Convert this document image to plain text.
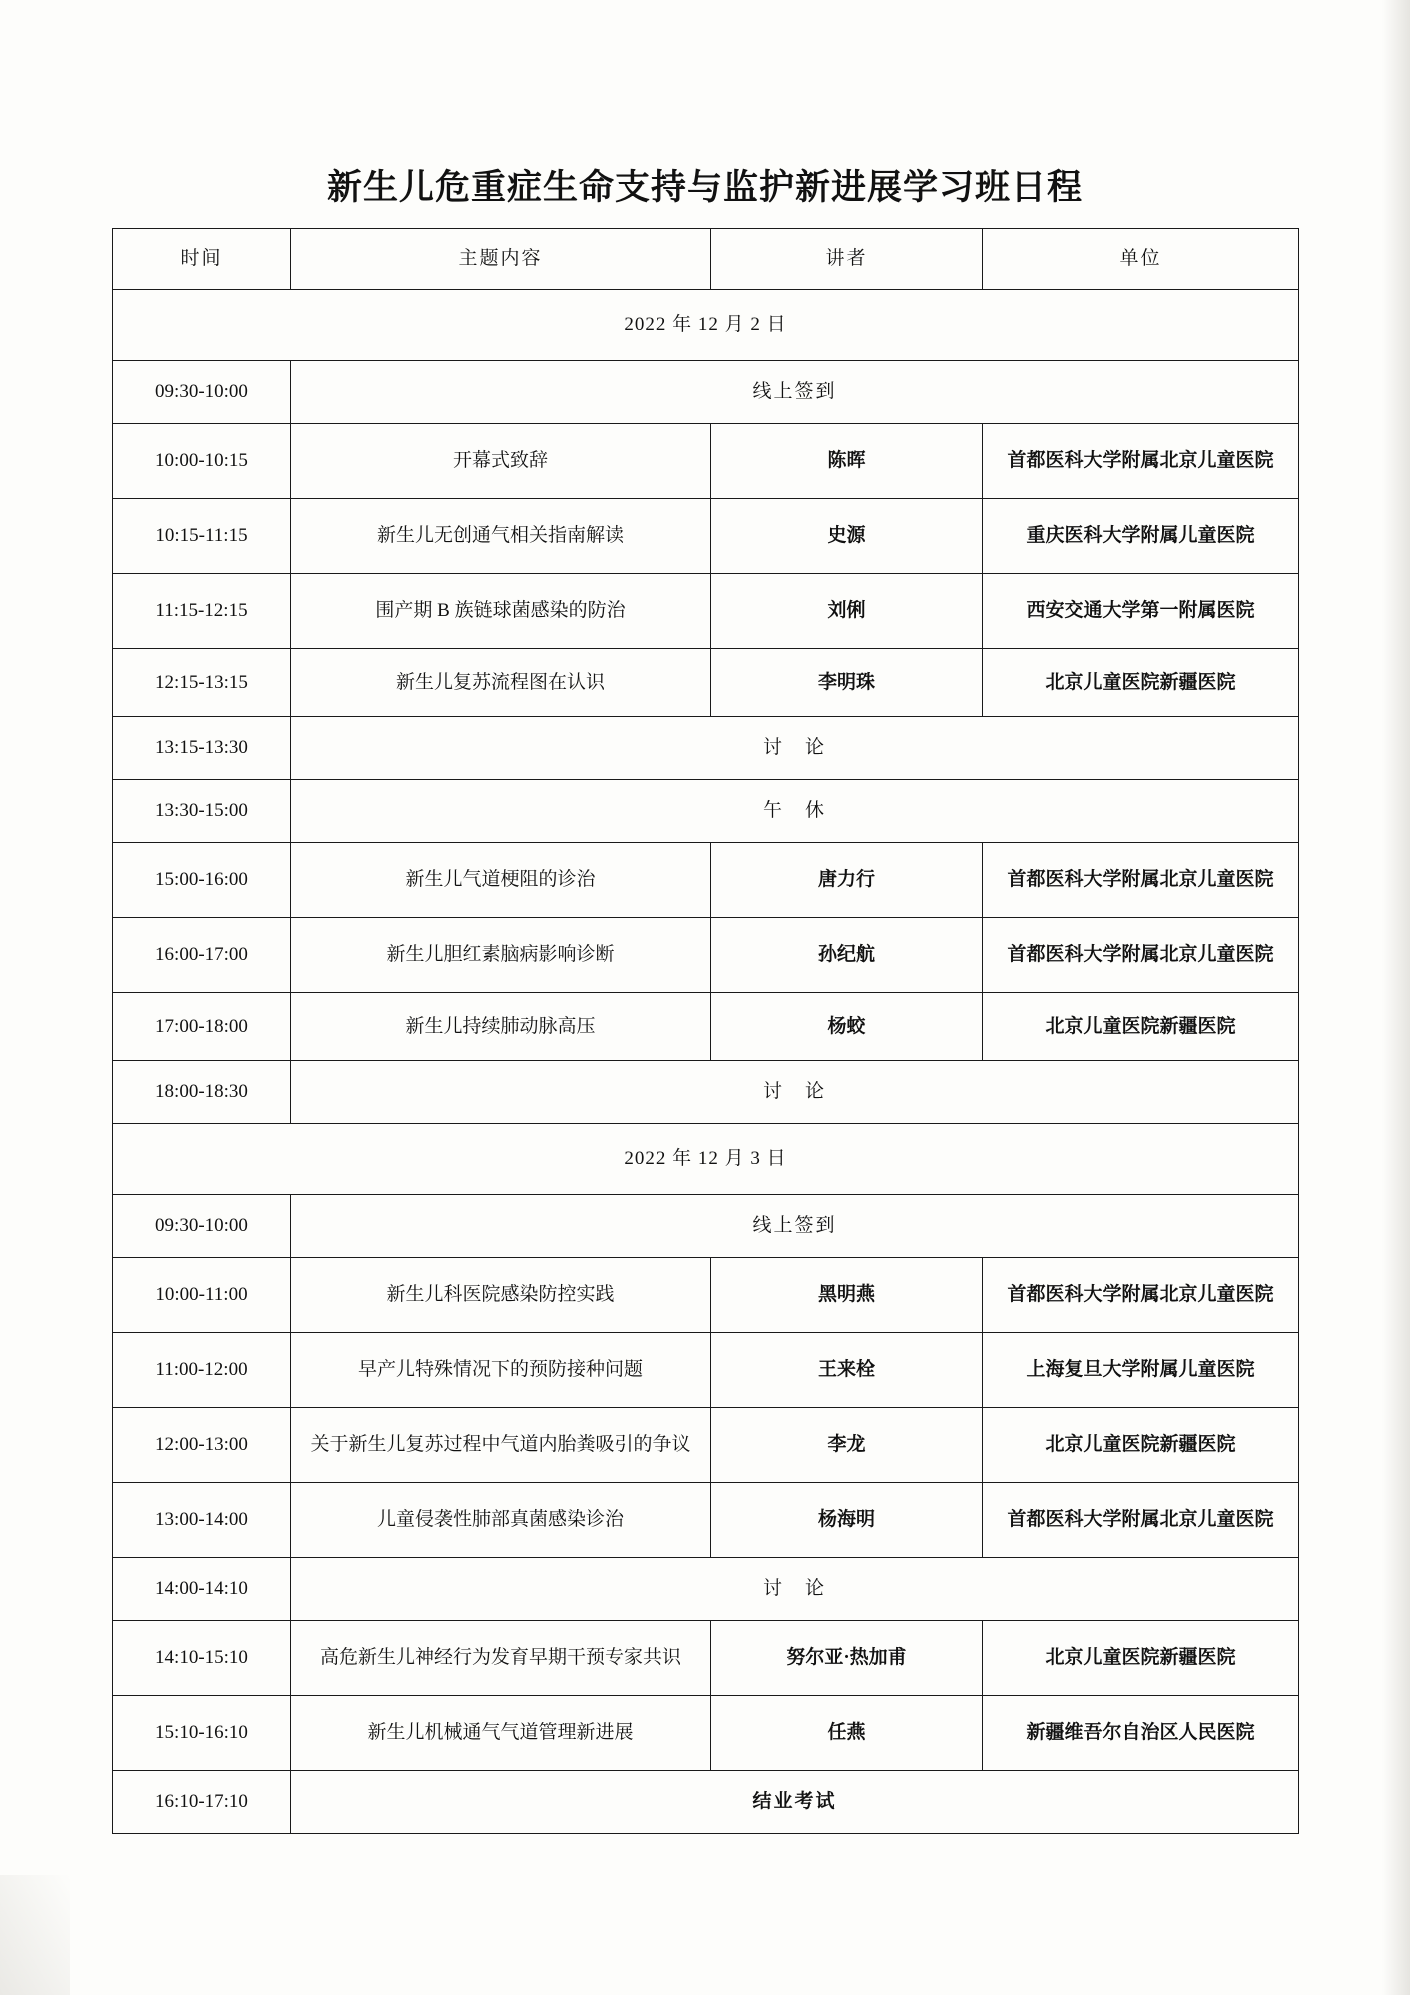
新生儿危重症生命支持与监护新进展学习班日程
时间	主题内容	讲者	单位
2022 年 12 月 2 日			
09:30-10:00	线上签到		
10:00-10:15	开幕式致辞	陈晖	首都医科大学附属北京儿童医院
10:15-11:15	新生儿无创通气相关指南解读	史源	重庆医科大学附属儿童医院
11:15-12:15	围产期 B 族链球菌感染的防治	刘俐	西安交通大学第一附属医院
12:15-13:15	新生儿复苏流程图在认识	李明珠	北京儿童医院新疆医院
13:15-13:30	讨　论		
13:30-15:00	午　休		
15:00-16:00	新生儿气道梗阻的诊治	唐力行	首都医科大学附属北京儿童医院
16:00-17:00	新生儿胆红素脑病影响诊断	孙纪航	首都医科大学附属北京儿童医院
17:00-18:00	新生儿持续肺动脉高压	杨蛟	北京儿童医院新疆医院
18:00-18:30	讨　论		
2022 年 12 月 3 日			
09:30-10:00	线上签到		
10:00-11:00	新生儿科医院感染防控实践	黑明燕	首都医科大学附属北京儿童医院
11:00-12:00	早产儿特殊情况下的预防接种问题	王来栓	上海复旦大学附属儿童医院
12:00-13:00	关于新生儿复苏过程中气道内胎粪吸引的争议	李龙	北京儿童医院新疆医院
13:00-14:00	儿童侵袭性肺部真菌感染诊治	杨海明	首都医科大学附属北京儿童医院
14:00-14:10	讨　论		
14:10-15:10	高危新生儿神经行为发育早期干预专家共识	努尔亚·热加甫	北京儿童医院新疆医院
15:10-16:10	新生儿机械通气气道管理新进展	任燕	新疆维吾尔自治区人民医院
16:10-17:10	结业考试		
